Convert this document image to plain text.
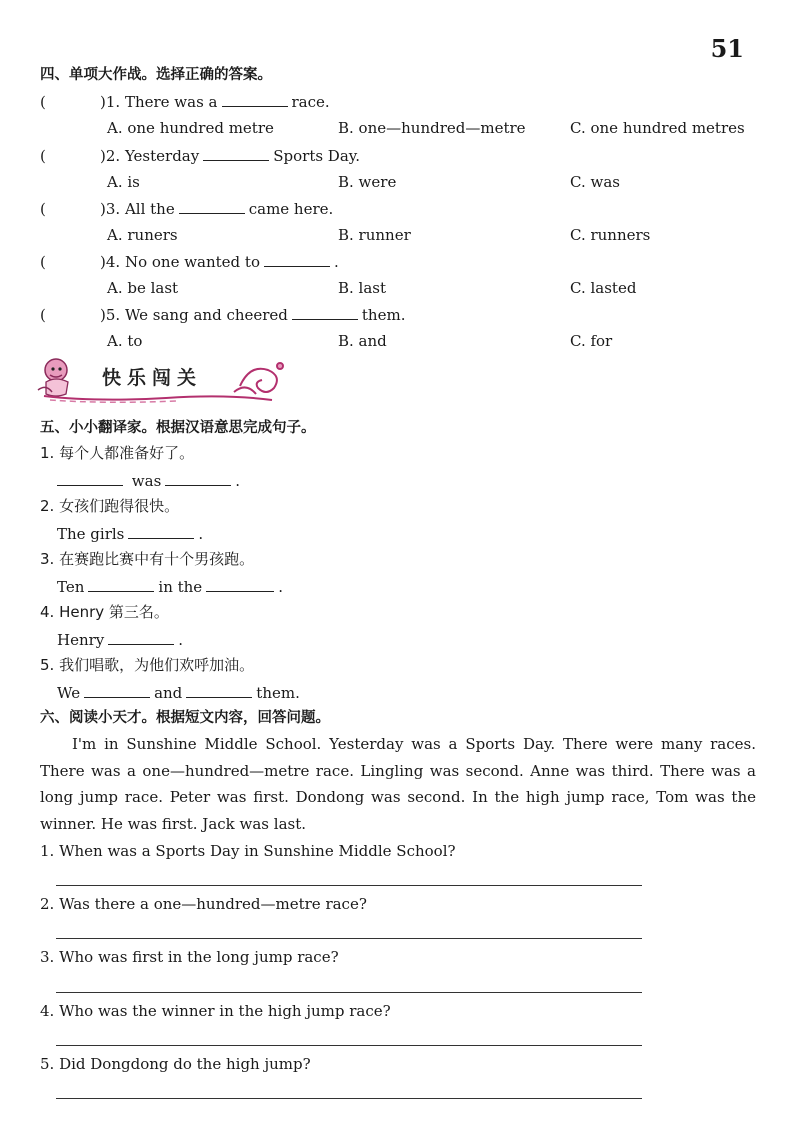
51
四、单项大作战。选择正确的答案。
(	)1. There was a	race.
A. one hundred metre	B. one—hundred—metre	C. one hundred metres
(	)2. Yesterday	Sports Day.
A. is	B. were	C. was
(	)3. All the	came here.
A. runers	B. runner	C. runners
(	)4. No one wanted to	.
A. be last	B. last	C. lasted
(	)5. We sang and cheered	them.
A. to	B. and	C. for
快乐闯关
五、小小翻译家。根据汉语意思完成句子。
1. 每个人都准备好了。
was	.
2. 女孩们跑得很快。
The girls	.
3. 在赛跑比赛中有十个男孩跑。
Ten	in the	.
4. Henry 第三名。
Henry	.
5. 我们唱歌，为他们欢呼加油。
We	and	them.
六、阅读小天才。根据短文内容，回答问题。
I'm in Sunshine Middle School. Yesterday was a Sports Day. There were many races. There was a one—hundred—metre race. Lingling was second. Anne was third. There was a long jump race. Peter was first. Dondong was second. In the high jump race, Tom was the winner. He was first. Jack was last.
1. When was a Sports Day in Sunshine Middle School?
2. Was there a one—hundred—metre race?
3. Who was first in the long jump race?
4. Who was the winner in the high jump race?
5. Did Dongdong do the high jump?
